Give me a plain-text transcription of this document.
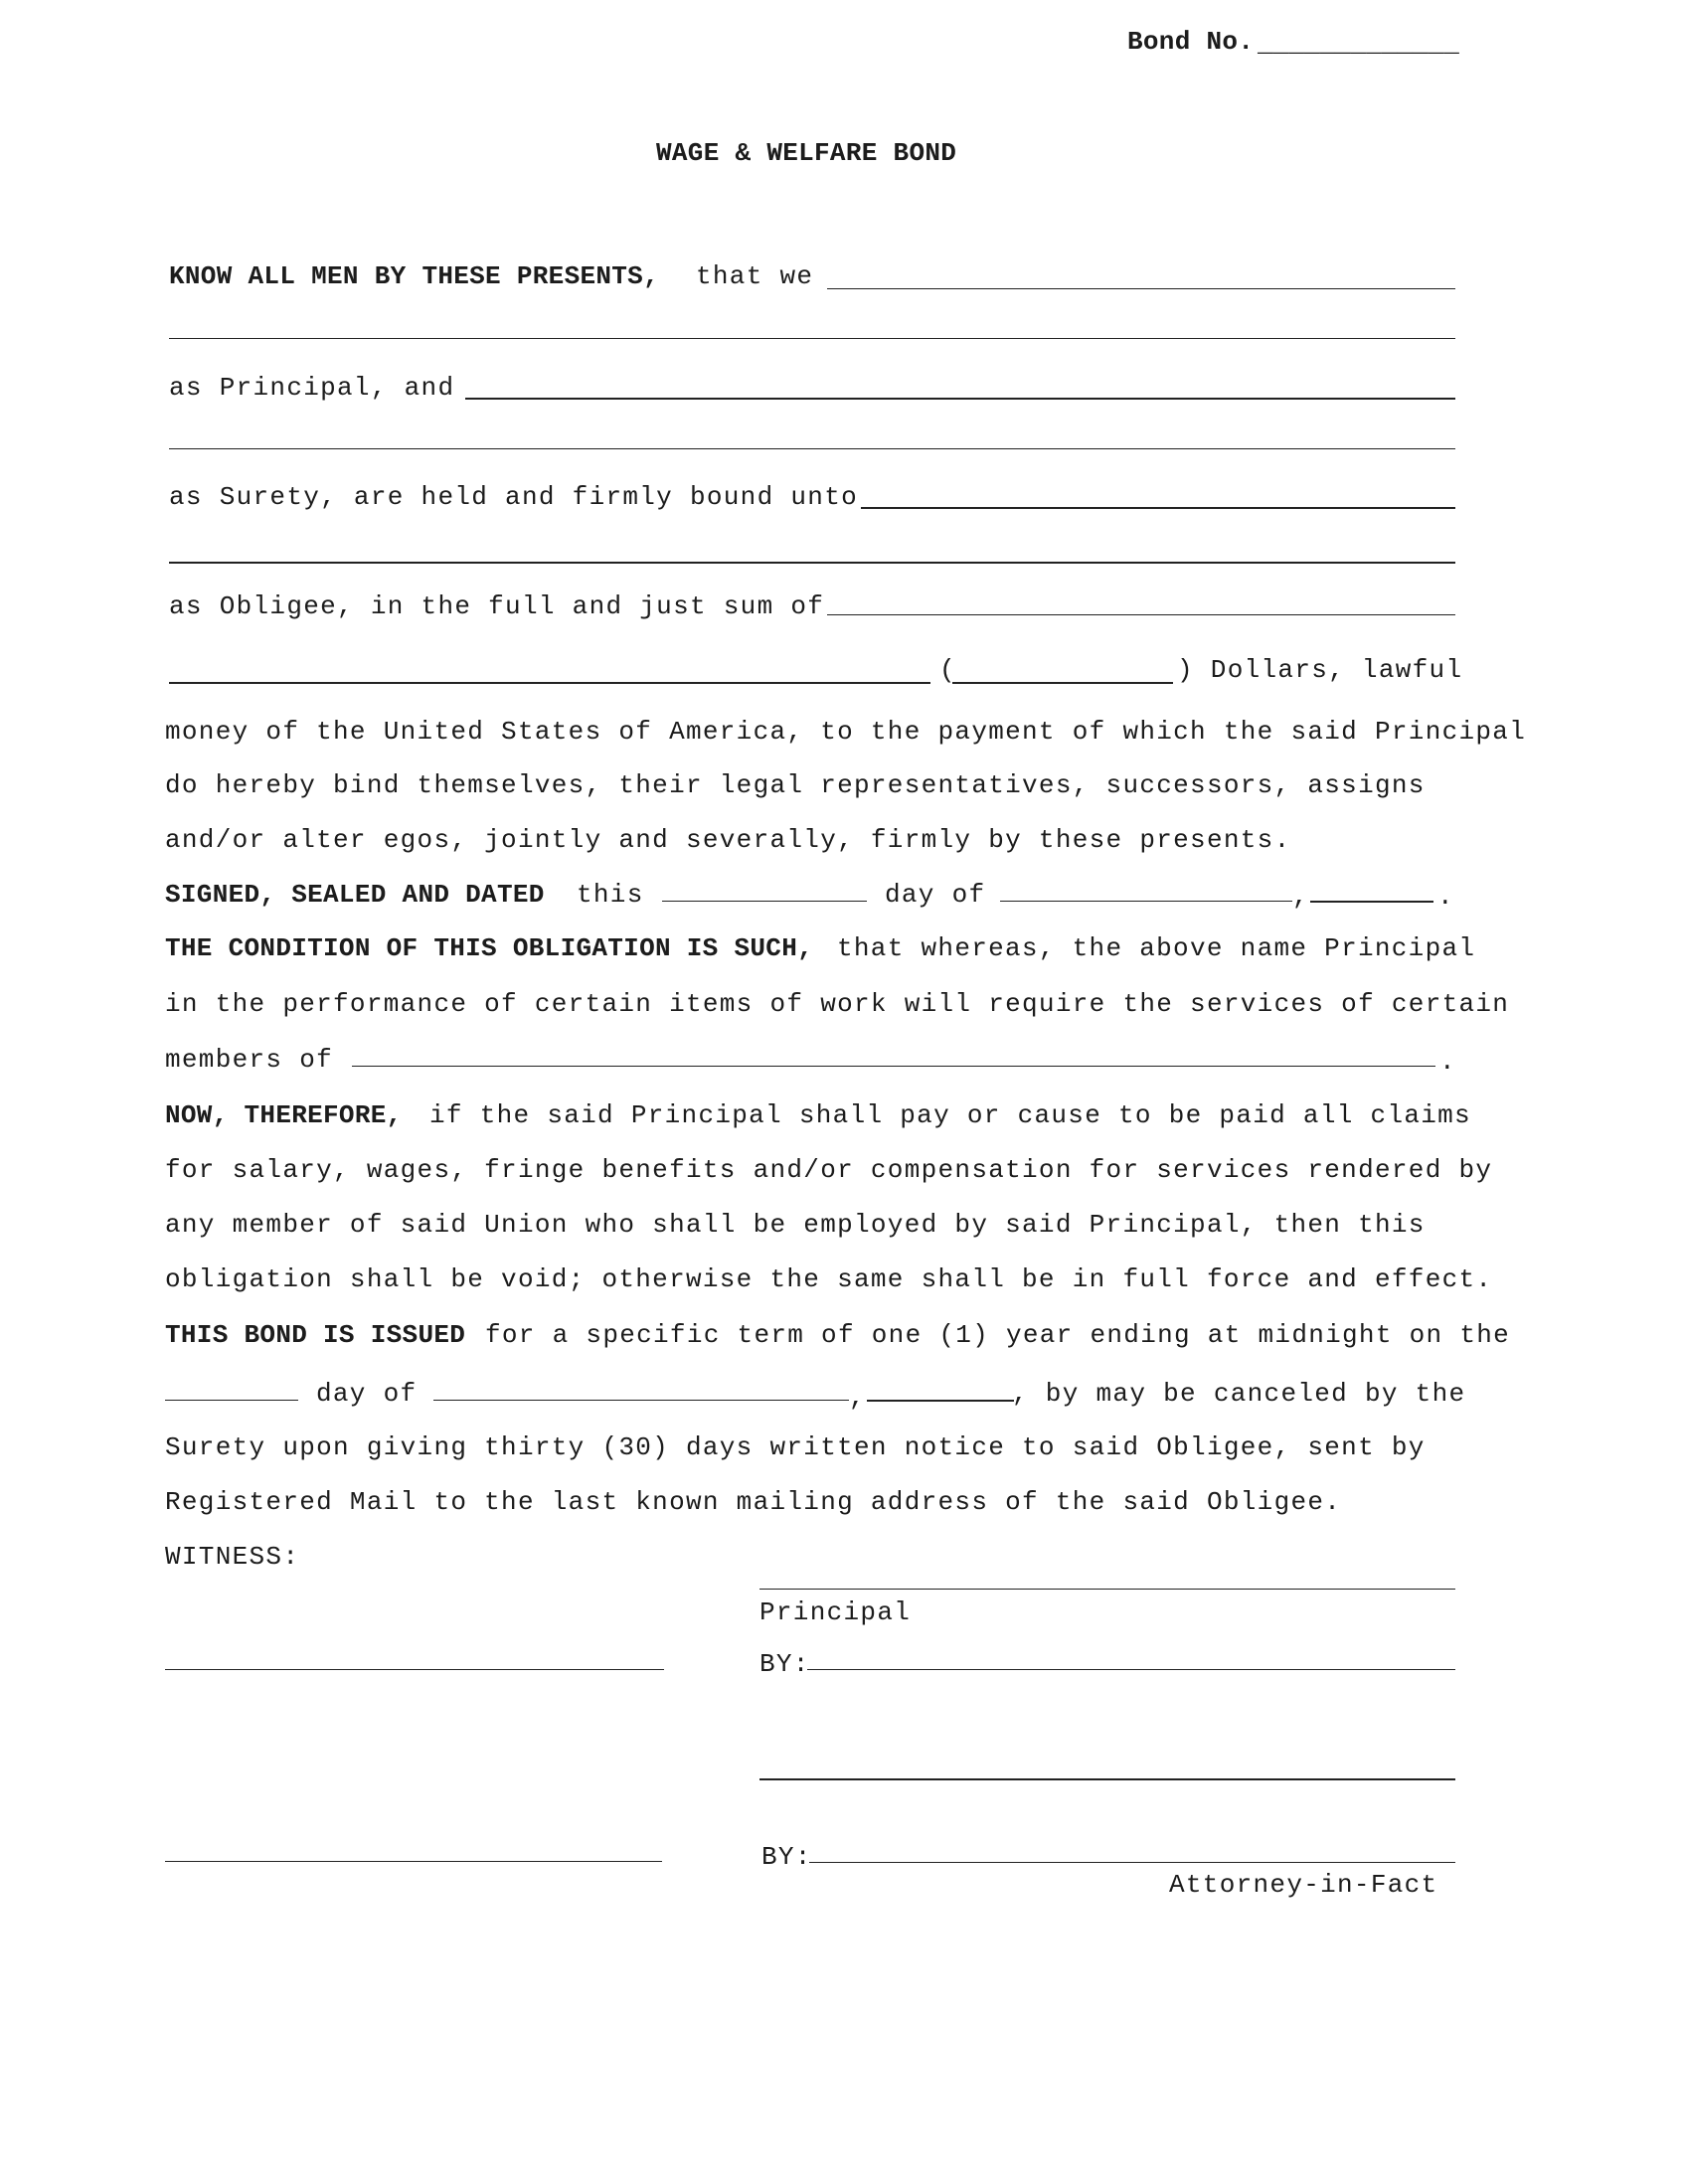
Bond No. _____________
WAGE & WELFARE BOND
KNOW ALL MEN BY THESE PRESENTS, that we
as Principal, and
as Surety, are held and firmly bound unto
as Obligee, in the full and just sum of
(	) Dollars, lawful
money of the United States of America, to the payment of which the said Principal
do hereby bind themselves, their legal representatives, successors, assigns
and/or alter egos, jointly and severally, firmly by these presents.
SIGNED, SEALED AND DATED this	day of	,	.
THE CONDITION OF THIS OBLIGATION IS SUCH, that whereas, the above name Principal
in the performance of certain items of work will require the services of certain
members of	.
NOW, THEREFORE, if the said Principal shall pay or cause to be paid all claims
for salary, wages, fringe benefits and/or compensation for services rendered by
any member of said Union who shall be employed by said Principal, then this
obligation shall be void; otherwise the same shall be in full force and effect.
THIS BOND IS ISSUED for a specific term of one (1) year ending at midnight on the
day of	,	, by may be canceled by the
Surety upon giving thirty (30) days written notice to said Obligee, sent by
Registered Mail to the last known mailing address of the said Obligee.
WITNESS:
Principal
BY:
BY:
Attorney-in-Fact
